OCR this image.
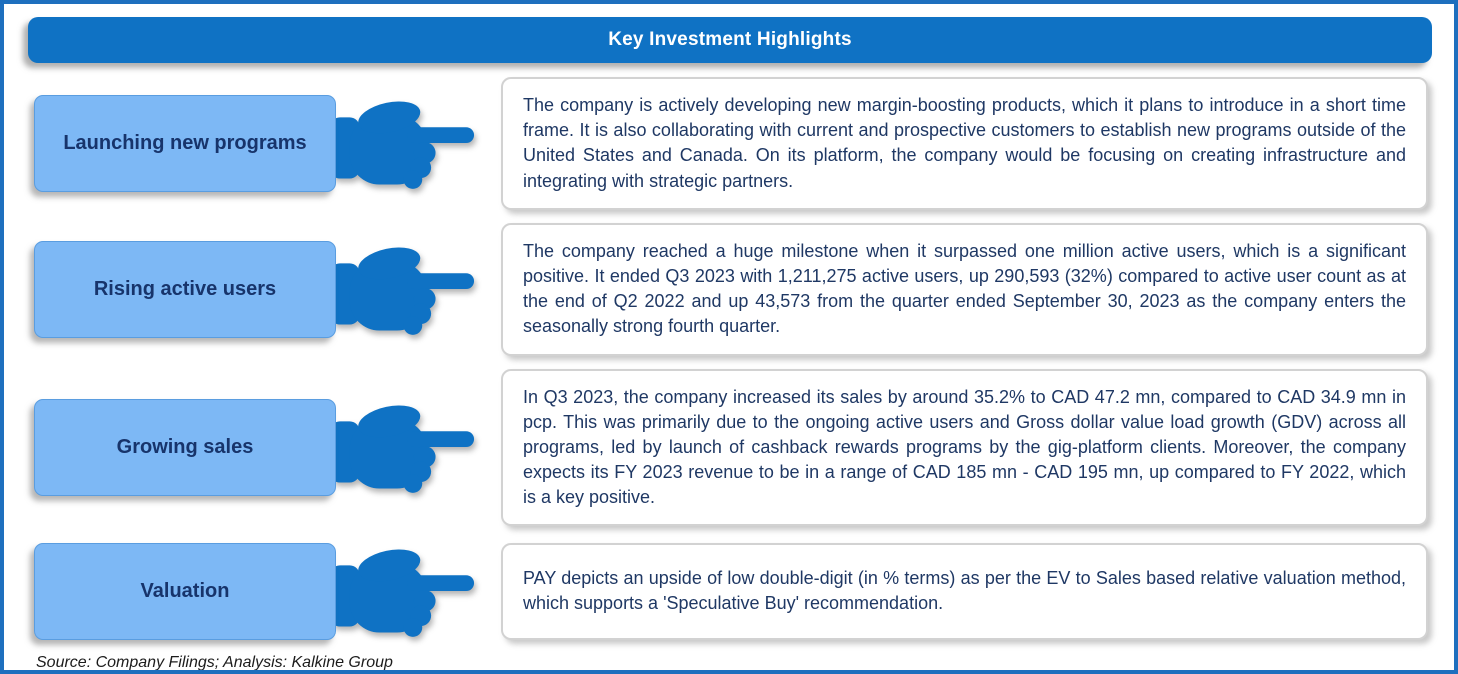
Key Investment Highlights
Launching new programs

The company is actively developing new margin-boosting products, which it plans to introduce in a short time frame. It is also collaborating with current and prospective customers to establish new programs outside of the United States and Canada. On its platform, the company would be focusing on creating infrastructure and integrating with strategic partners.

Rising active users

The company reached a huge milestone when it surpassed one million active users, which is a significant positive. It ended Q3 2023 with 1,211,275 active users, up 290,593 (32%) compared to active user count as at the end of Q2 2022 and up 43,573 from the quarter ended September 30, 2023 as the company enters the seasonally strong fourth quarter.

Growing sales

In Q3 2023, the company increased its sales by around 35.2% to CAD 47.2 mn, compared to CAD 34.9 mn in pcp. This was primarily due to the ongoing active users and Gross dollar value load growth (GDV) across all programs, led by launch of cashback rewards programs by the gig-platform clients. Moreover, the company expects its FY 2023 revenue to be in a range of CAD 185 mn - CAD 195 mn, up compared to FY 2022, which is a key positive.

Valuation

PAY depicts an upside of low double-digit (in % terms) as per the EV to Sales based relative valuation method, which supports a 'Speculative Buy' recommendation.

Source: Company Filings; Analysis: Kalkine Group
